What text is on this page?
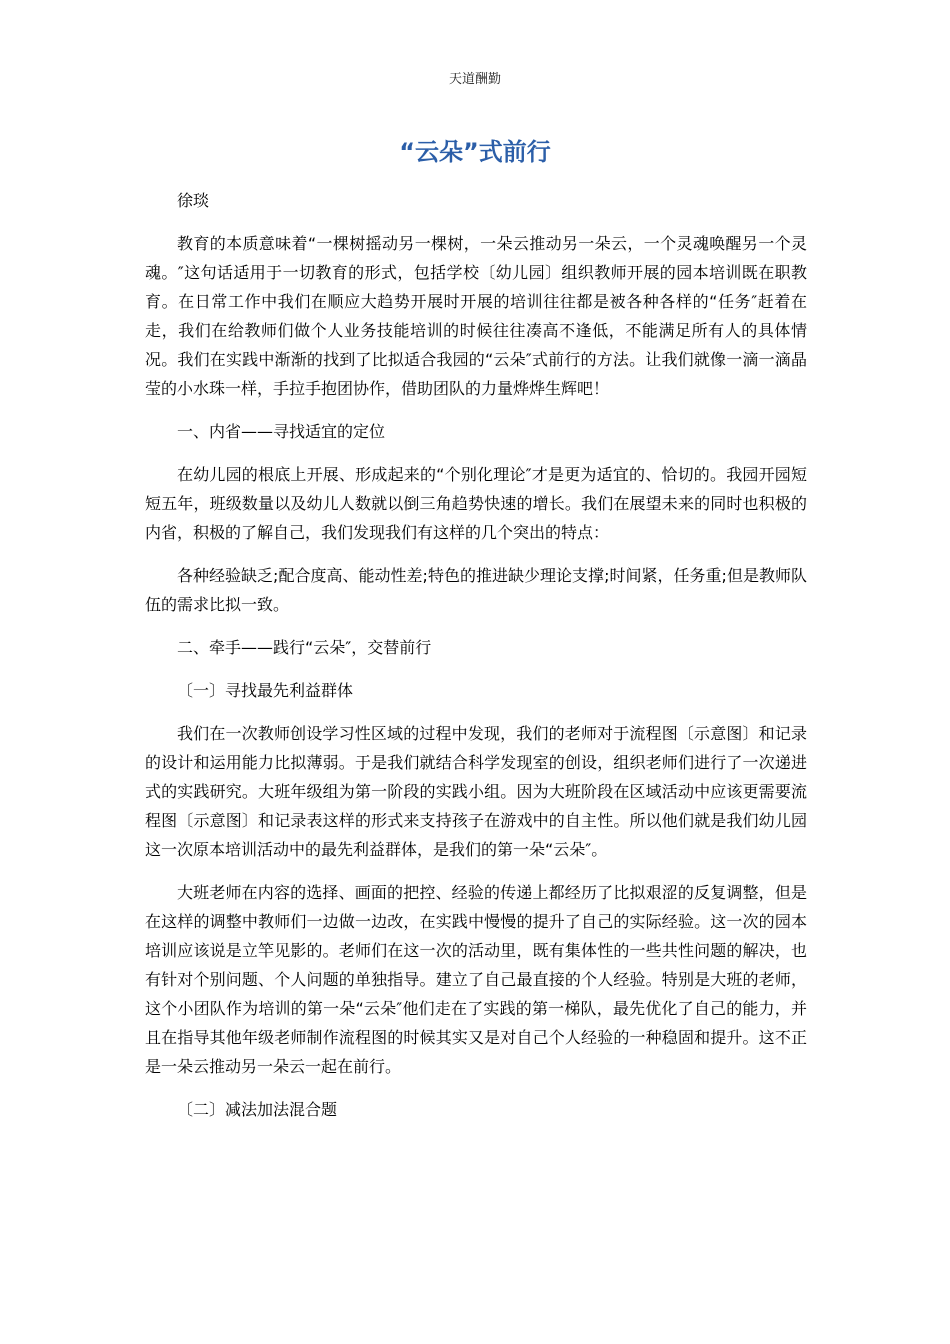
天道酬勤
“云朵”式前行

徐琰

教育的本质意味着“一棵树摇动另一棵树，一朵云推动另一朵云，一个灵魂唤醒另一个灵魂。″这句话适用于一切教育的形式，包括学校〔幼儿园〕组织教师开展的园本培训既在职教育。在日常工作中我们在顺应大趋势开展时开展的培训往往都是被各种各样的“任务″赶着在走，我们在给教师们做个人业务技能培训的时候往往凑高不逢低，不能满足所有人的具体情况。我们在实践中渐渐的找到了比拟适合我园的“云朵″式前行的方法。让我们就像一滴一滴晶莹的小水珠一样，手拉手抱团协作，借助团队的力量烨烨生辉吧！

一、内省——寻找适宜的定位

在幼儿园的根底上开展、形成起来的“个别化理论″才是更为适宜的、恰切的。我园开园短短五年，班级数量以及幼儿人数就以倒三角趋势快速的增长。我们在展望未来的同时也积极的内省，积极的了解自己，我们发现我们有这样的几个突出的特点：

各种经验缺乏;配合度高、能动性差;特色的推进缺少理论支撑;时间紧，任务重;但是教师队伍的需求比拟一致。

二、牵手——践行“云朵″，交替前行

〔一〕寻找最先利益群体

我们在一次教师创设学习性区域的过程中发现，我们的老师对于流程图〔示意图〕和记录的设计和运用能力比拟薄弱。于是我们就结合科学发现室的创设，组织老师们进行了一次递进式的实践研究。大班年级组为第一阶段的实践小组。因为大班阶段在区域活动中应该更需要流程图〔示意图〕和记录表这样的形式来支持孩子在游戏中的自主性。所以他们就是我们幼儿园这一次原本培训活动中的最先利益群体，是我们的第一朵“云朵″。

大班老师在内容的选择、画面的把控、经验的传递上都经历了比拟艰涩的反复调整，但是在这样的调整中教师们一边做一边改，在实践中慢慢的提升了自己的实际经验。这一次的园本培训应该说是立竿见影的。老师们在这一次的活动里，既有集体性的一些共性问题的解决，也有针对个别问题、个人问题的单独指导。建立了自己最直接的个人经验。特别是大班的老师，这个小团队作为培训的第一朵“云朵″他们走在了实践的第一梯队，最先优化了自己的能力，并且在指导其他年级老师制作流程图的时候其实又是对自己个人经验的一种稳固和提升。这不正是一朵云推动另一朵云一起在前行。

〔二〕减法加法混合题
